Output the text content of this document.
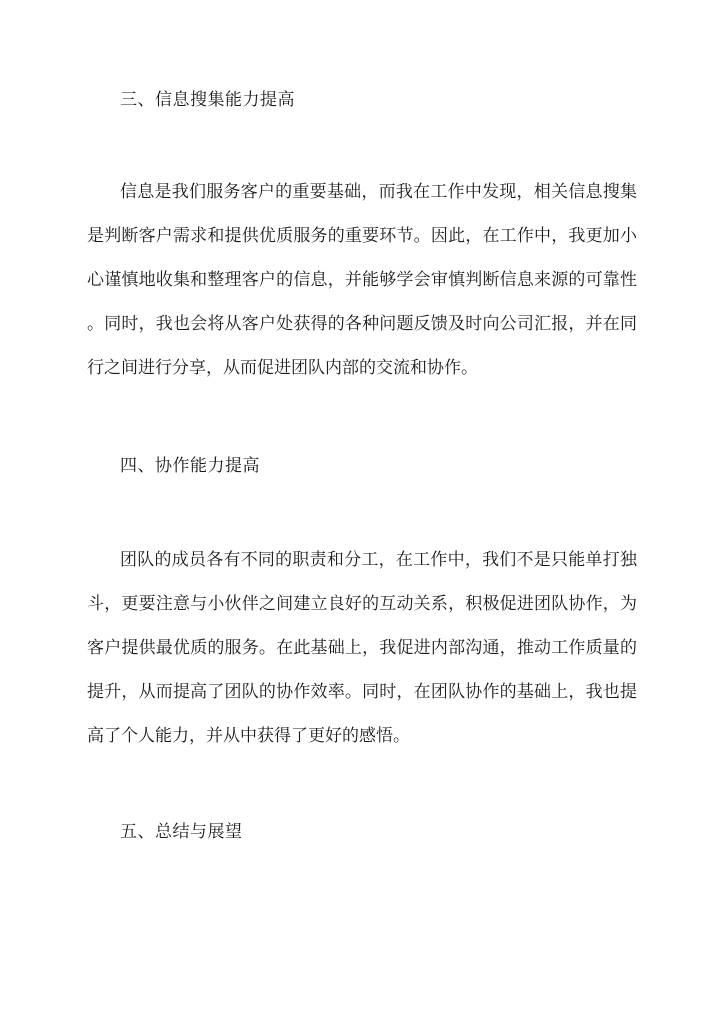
三、信息搜集能力提高
信息是我们服务客户的重要基础，而我在工作中发现，相关信息搜集
是判断客户需求和提供优质服务的重要环节。因此，在工作中，我更加小
心谨慎地收集和整理客户的信息，并能够学会审慎判断信息来源的可靠性
。同时，我也会将从客户处获得的各种问题反馈及时向公司汇报，并在同
行之间进行分享，从而促进团队内部的交流和协作。
四、协作能力提高
团队的成员各有不同的职责和分工，在工作中，我们不是只能单打独
斗，更要注意与小伙伴之间建立良好的互动关系，积极促进团队协作，为
客户提供最优质的服务。在此基础上，我促进内部沟通，推动工作质量的
提升，从而提高了团队的协作效率。同时，在团队协作的基础上，我也提
高了个人能力，并从中获得了更好的感悟。
五、总结与展望
